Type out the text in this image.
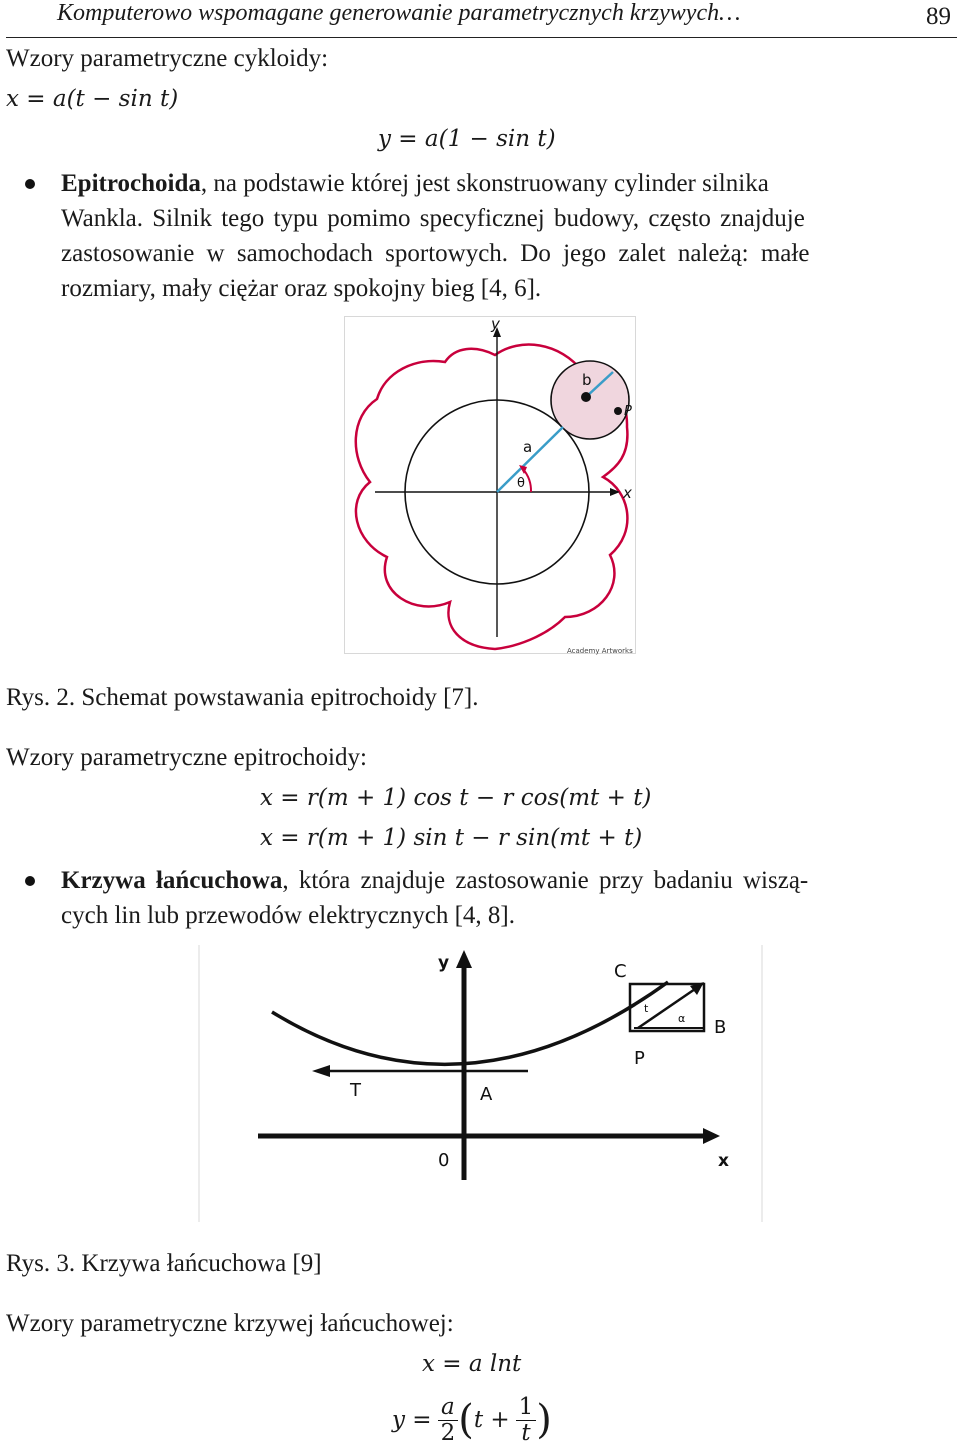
Komputerowo wspomagane generowanie parametrycznych krzywych…	89
Wzory parametryczne cykloidy:
x = a(t − sin t)
y = a(1 − sin t)
Epitrochoida, na podstawie której jest skonstruowany cylinder silnika
Wankla. Silnik tego typu pomimo specyficznej budowy, często znajduje
zastosowanie w samochodach sportowych. Do jego zalet należą: małe
rozmiary, mały ciężar oraz spokojny bieg [4, 6].
y
x
a
θ
b
P
Academy Artworks
Rys. 2. Schemat powstawania epitrochoidy [7].
Wzory parametryczne epitrochoidy:
x = r(m + 1) cos t − r cos(mt + t)
x = r(m + 1) sin t − r sin(mt + t)
Krzywa łańcuchowa, która znajduje zastosowanie przy badaniu wiszą-
cych lin lub przewodów elektrycznych [4, 8].
y
x
C
t
α B
P
T	A
0
Rys. 3. Krzywa łańcuchowa [9]
Wzory parametryczne krzywej łańcuchowej:
x = a lnt
$y = \frac{a}{2}$ ( $t + \frac{1}{t}$ )
